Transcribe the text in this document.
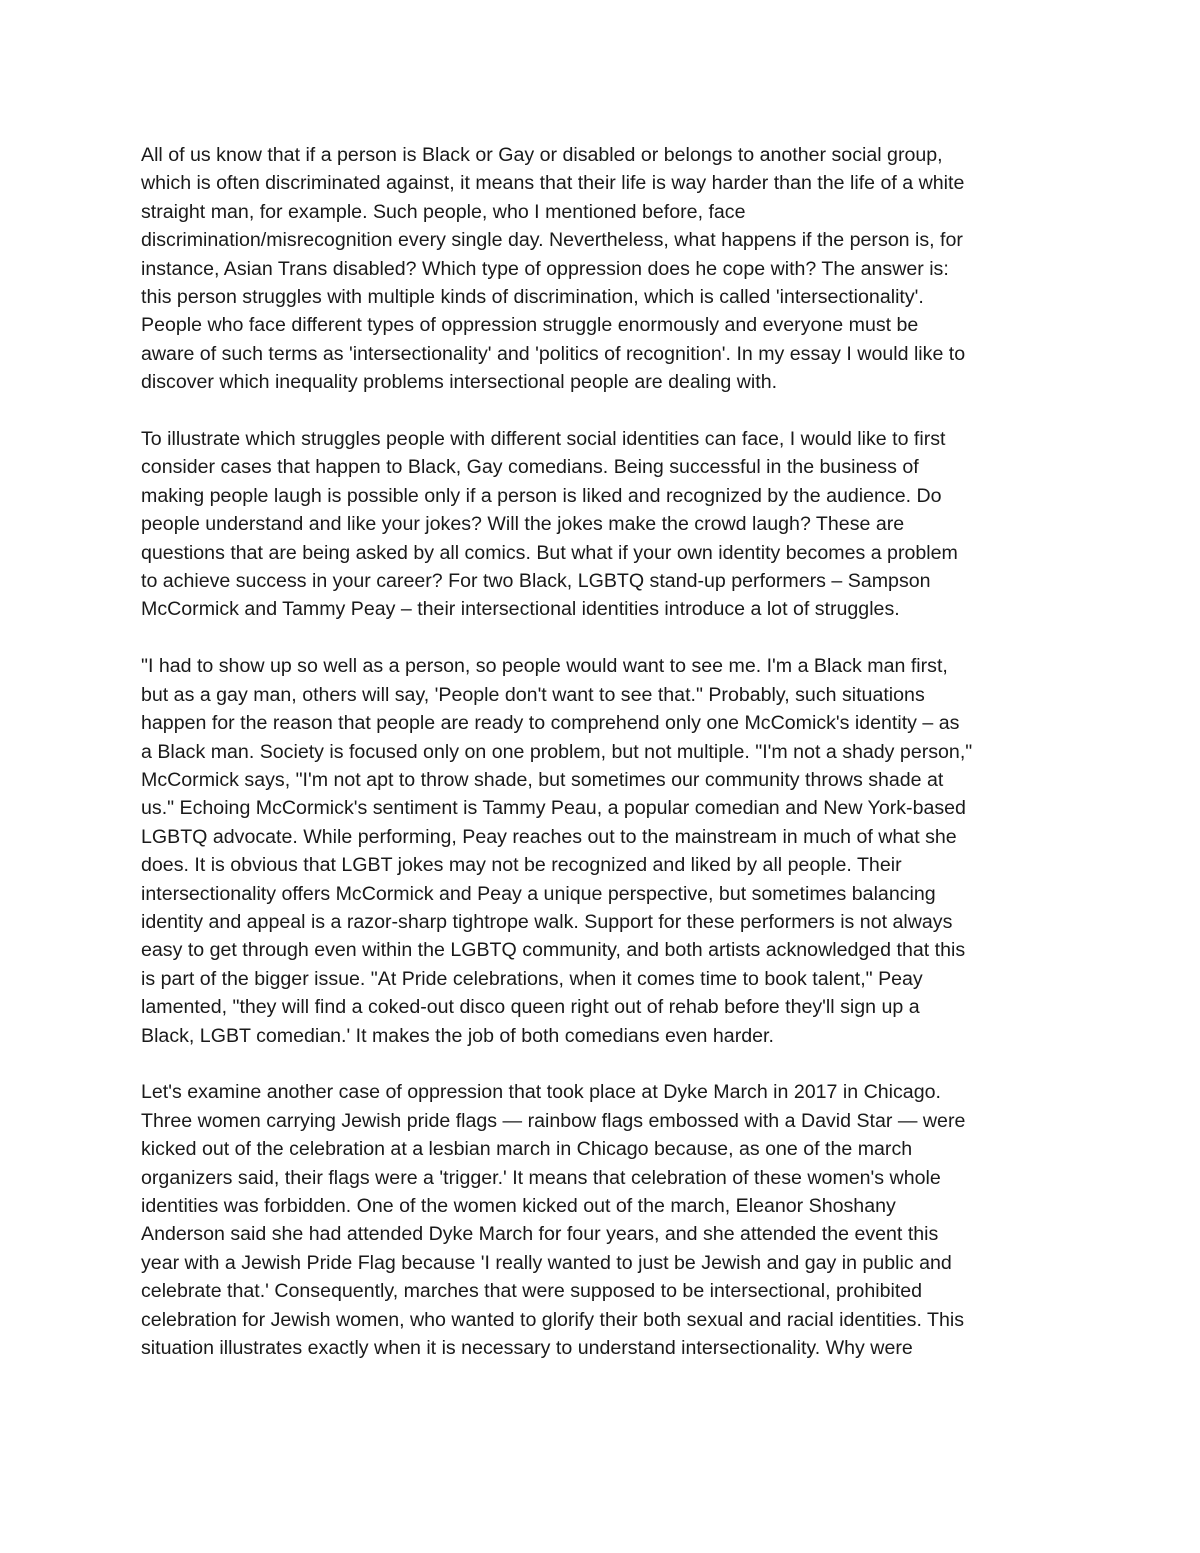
All of us know that if a person is Black or Gay or disabled or belongs to another social group,
which is often discriminated against, it means that their life is way harder than the life of a white
straight man, for example. Such people, who I mentioned before, face
discrimination/misrecognition every single day. Nevertheless, what happens if the person is, for
instance, Asian Trans disabled? Which type of oppression does he cope with? The answer is:
this person struggles with multiple kinds of discrimination, which is called 'intersectionality'.
People who face different types of oppression struggle enormously and everyone must be
aware of such terms as 'intersectionality' and 'politics of recognition'. In my essay I would like to
discover which inequality problems intersectional people are dealing with.

To illustrate which struggles people with different social identities can face, I would like to first
consider cases that happen to Black, Gay comedians. Being successful in the business of
making people laugh is possible only if a person is liked and recognized by the audience. Do
people understand and like your jokes? Will the jokes make the crowd laugh? These are
questions that are being asked by all comics. But what if your own identity becomes a problem
to achieve success in your career? For two Black, LGBTQ stand-up performers – Sampson
McCormick and Tammy Peay – their intersectional identities introduce a lot of struggles.

"I had to show up so well as a person, so people would want to see me. I'm a Black man first,
but as a gay man, others will say, 'People don't want to see that." Probably, such situations
happen for the reason that people are ready to comprehend only one McComick's identity – as
a Black man. Society is focused only on one problem, but not multiple. "I'm not a shady person,"
McCormick says, "I'm not apt to throw shade, but sometimes our community throws shade at
us." Echoing McCormick's sentiment is Tammy Peau, a popular comedian and New York-based
LGBTQ advocate. While performing, Peay reaches out to the mainstream in much of what she
does. It is obvious that LGBT jokes may not be recognized and liked by all people. Their
intersectionality offers McCormick and Peay a unique perspective, but sometimes balancing
identity and appeal is a razor-sharp tightrope walk. Support for these performers is not always
easy to get through even within the LGBTQ community, and both artists acknowledged that this
is part of the bigger issue. "At Pride celebrations, when it comes time to book talent," Peay
lamented, "they will find a coked-out disco queen right out of rehab before they'll sign up a
Black, LGBT comedian.' It makes the job of both comedians even harder.

Let's examine another case of oppression that took place at Dyke March in 2017 in Chicago.
Three women carrying Jewish pride flags — rainbow flags embossed with a David Star — were
kicked out of the celebration at a lesbian march in Chicago because, as one of the march
organizers said, their flags were a 'trigger.' It means that celebration of these women's whole
identities was forbidden. One of the women kicked out of the march, Eleanor Shoshany
Anderson said she had attended Dyke March for four years, and she attended the event this
year with a Jewish Pride Flag because 'I really wanted to just be Jewish and gay in public and
celebrate that.' Consequently, marches that were supposed to be intersectional, prohibited
celebration for Jewish women, who wanted to glorify their both sexual and racial identities. This
situation illustrates exactly when it is necessary to understand intersectionality. Why were
